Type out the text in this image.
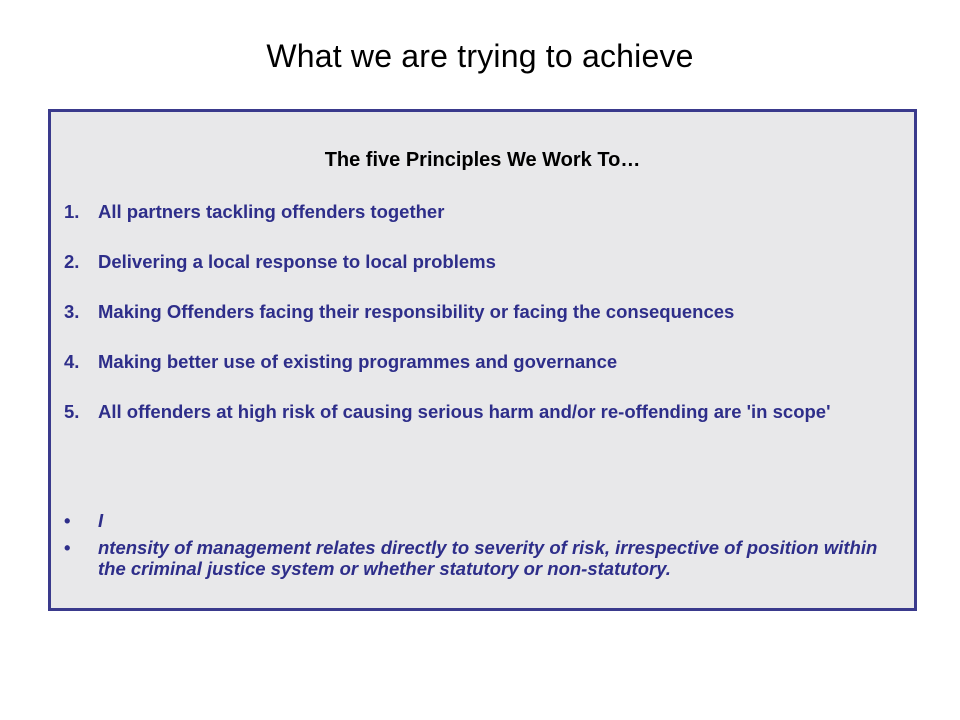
What we are trying to achieve
The five Principles We Work To…
1. All partners tackling offenders together
2. Delivering a local response to local problems
3. Making Offenders facing their responsibility or facing the consequences
4. Making better use of existing programmes and governance
5. All offenders at high risk of causing serious harm and/or re-offending are 'in scope'
• I
• ntensity of management relates directly to severity of risk, irrespective of position within the criminal justice system or whether statutory or non-statutory.
